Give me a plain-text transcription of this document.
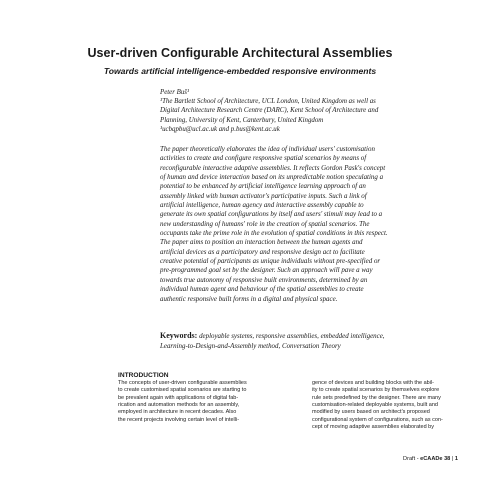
User-driven Configurable Architectural Assemblies
Towards artificial intelligence-embedded responsive environments
Peter Buš¹
¹The Bartlett School of Architecture, UCL London, United Kingdom as well as
Digital Architecture Research Centre (DARC), Kent School of Architecture and
Planning, University of Kent, Canterbury, United Kingdom
¹ucbqpbu@ucl.ac.uk and p.bus@kent.ac.uk
The paper theoretically elaborates the idea of individual users' customisation
activities to create and configure responsive spatial scenarios by means of
reconfigurable interactive adaptive assemblies. It reflects Gordon Pask's concept
of human and device interaction based on its unpredictable notion speculating a
potential to be enhanced by artificial intelligence learning approach of an
assembly linked with human activator's participative inputs. Such a link of
artificial intelligence, human agency and interactive assembly capable to
generate its own spatial configurations by itself and users' stimuli may lead to a
new understanding of humans' role in the creation of spatial scenarios. The
occupants take the prime role in the evolution of spatial conditions in this respect.
The paper aims to position an interaction between the human agents and
artificial devices as a participatory and responsive design act to facilitate
creative potential of participants as unique individuals without pre-specified or
pre-programmed goal set by the designer. Such an approach will pave a way
towards true autonomy of responsive built environments, determined by an
individual human agent and behaviour of the spatial assemblies to create
authentic responsive built forms in a digital and physical space.
Keywords: deployable systems, responsive assemblies, embedded intelligence,
Learning-to-Design-and-Assembly method, Conversation Theory
INTRODUCTION
The concepts of user-driven configurable assemblies
to create customised spatial scenarios are starting to
be prevalent again with applications of digital fab-
rication and automation methods for an assembly,
employed in architecture in recent decades. Also
the recent projects involving certain level of intelli-
gence of devices and building blocks with the abil-
ity to create spatial scenarios by themselves explore
rule sets predefined by the designer. There are many
customisation-related deployable systems, built and
modified by users based on architect's proposed
configurational system of configurations, such as con-
cept of moving adaptive assemblies elaborated by
Draft - eCAADe 38 | 1
